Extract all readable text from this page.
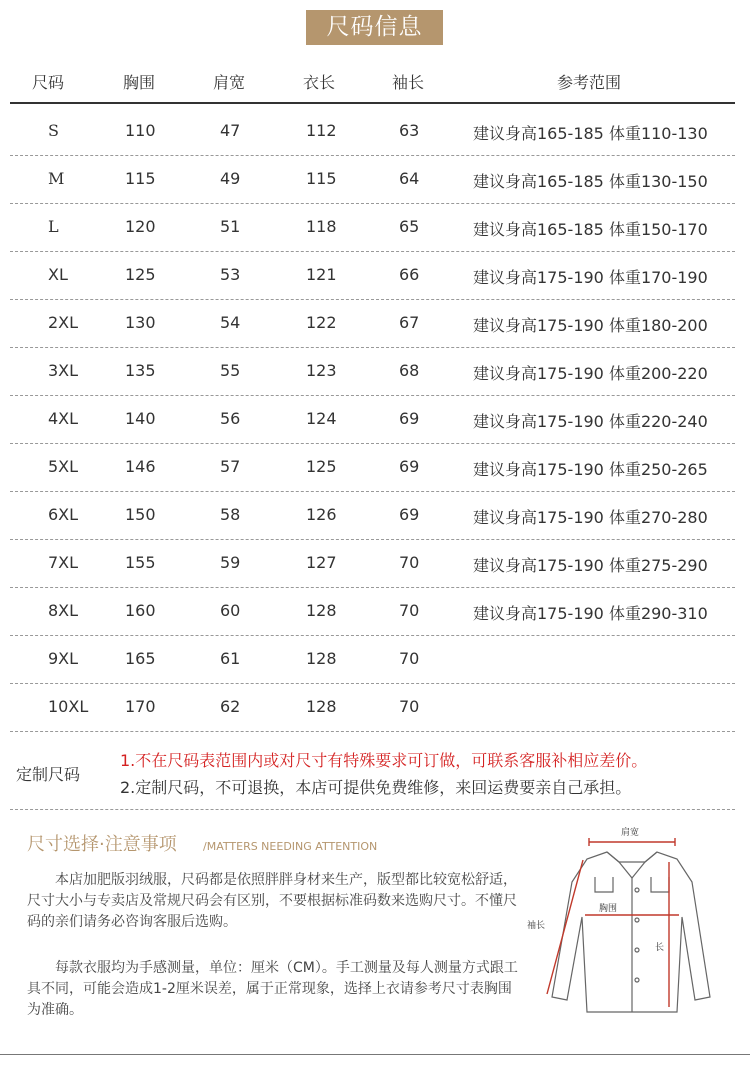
尺码信息
尺码	胸围	肩宽	衣长	袖长	参考范围
S	110	47	112	63	建议身高165-185 体重110-130
M	115	49	115	64	建议身高165-185 体重130-150
L	120	51	118	65	建议身高165-185 体重150-170
XL	125	53	121	66	建议身高175-190 体重170-190
2XL	130	54	122	67	建议身高175-190 体重180-200
3XL	135	55	123	68	建议身高175-190 体重200-220
4XL	140	56	124	69	建议身高175-190 体重220-240
5XL	146	57	125	69	建议身高175-190 体重250-265
6XL	150	58	126	69	建议身高175-190 体重270-280
7XL	155	59	127	70	建议身高175-190 体重275-290
8XL	160	60	128	70	建议身高175-190 体重290-310
9XL	165	61	128	70
10XL 170	62	128	70
定制尺码
1.不在尺码表范围内或对尺寸有特殊要求可订做，可联系客服补相应差价。
2.定制尺码，不可退换，本店可提供免费维修，来回运费要亲自己承担。
尺寸选择·注意事项 /MATTERS NEEDING ATTENTION
本店加肥版羽绒服，尺码都是依照胖胖身材来生产，版型都比较宽松舒适，尺寸大小与专卖店及常规尺码会有区别，不要根据标准码数来选购尺寸。不懂尺码的亲们请务必咨询客服后选购。
每款衣服均为手感测量，单位：厘米（CM）。手工测量及每人测量方式跟工具不同，可能会造成1-2厘米误差，属于正常现象，选择上衣请参考尺寸表胸围为准确。
肩宽
袖长
胸围
长
